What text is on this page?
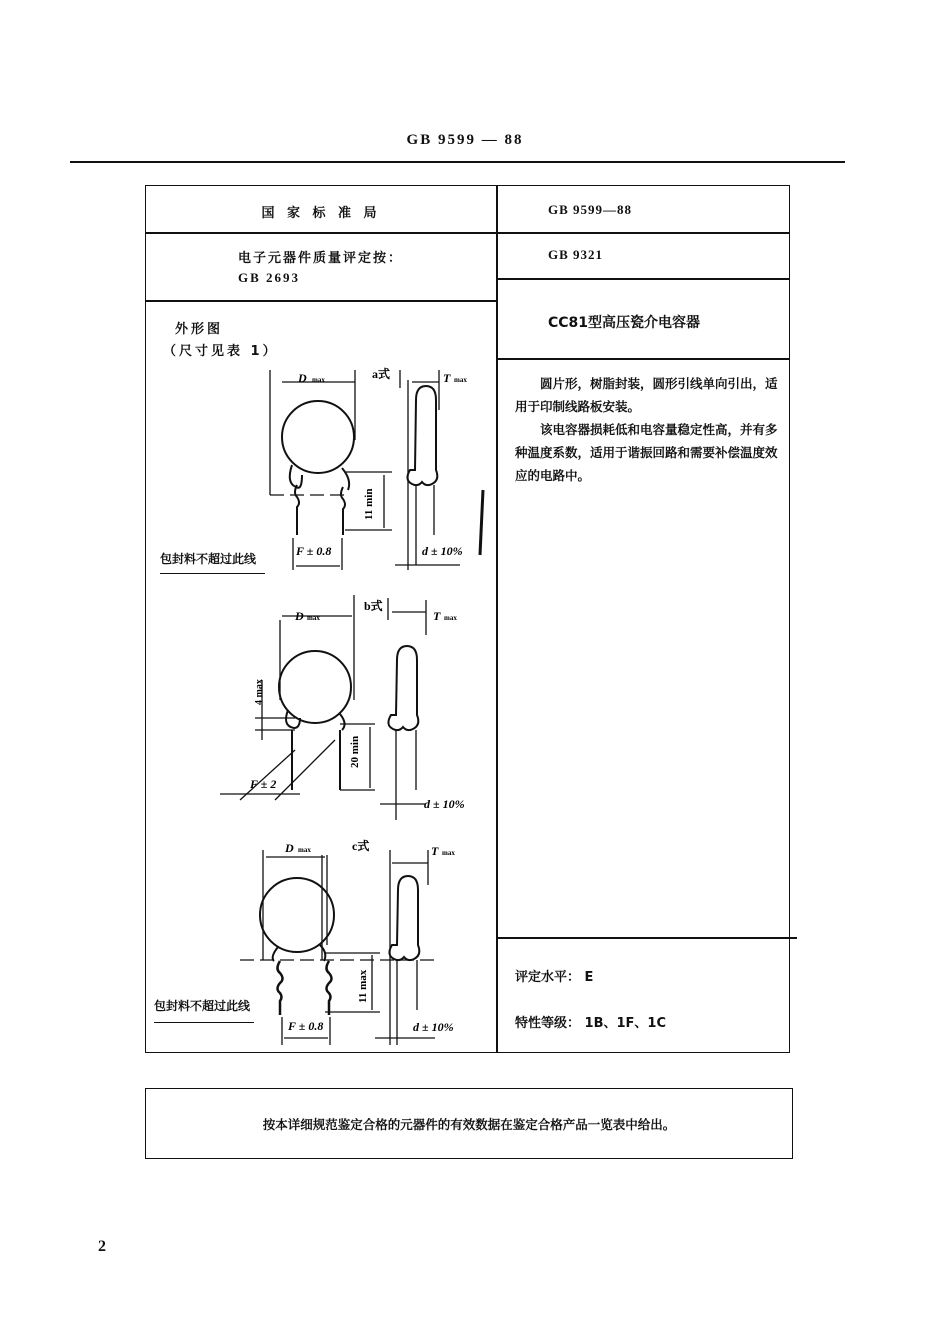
GB 9599 — 88
国 家 标 准 局
电子元器件质量评定按：
GB 2693
GB 9599—88
GB 9321
CC81型高压瓷介电容器

圆片形，树脂封装，圆形引线单向引出，适用于印制线路板安装。

该电容器损耗低和电容量稳定性高，并有多种温度系数，适用于谐振回路和需要补偿温度效应的电路中。

评定水平： E
特性等级： 1B、1F、1C
外形图
（尺寸见表 1）
D max	a式	T max
11 min
F ± 0.8	d ± 10%
包封料不超过此线
D max
b式
T max
20 min
4 max
F ± 2
d ± 10%
D max	c式	T max
11 max
F ± 0.8	d ± 10%
包封料不超过此线
按本详细规范鉴定合格的元器件的有效数据在鉴定合格产品一览表中给出。
2
